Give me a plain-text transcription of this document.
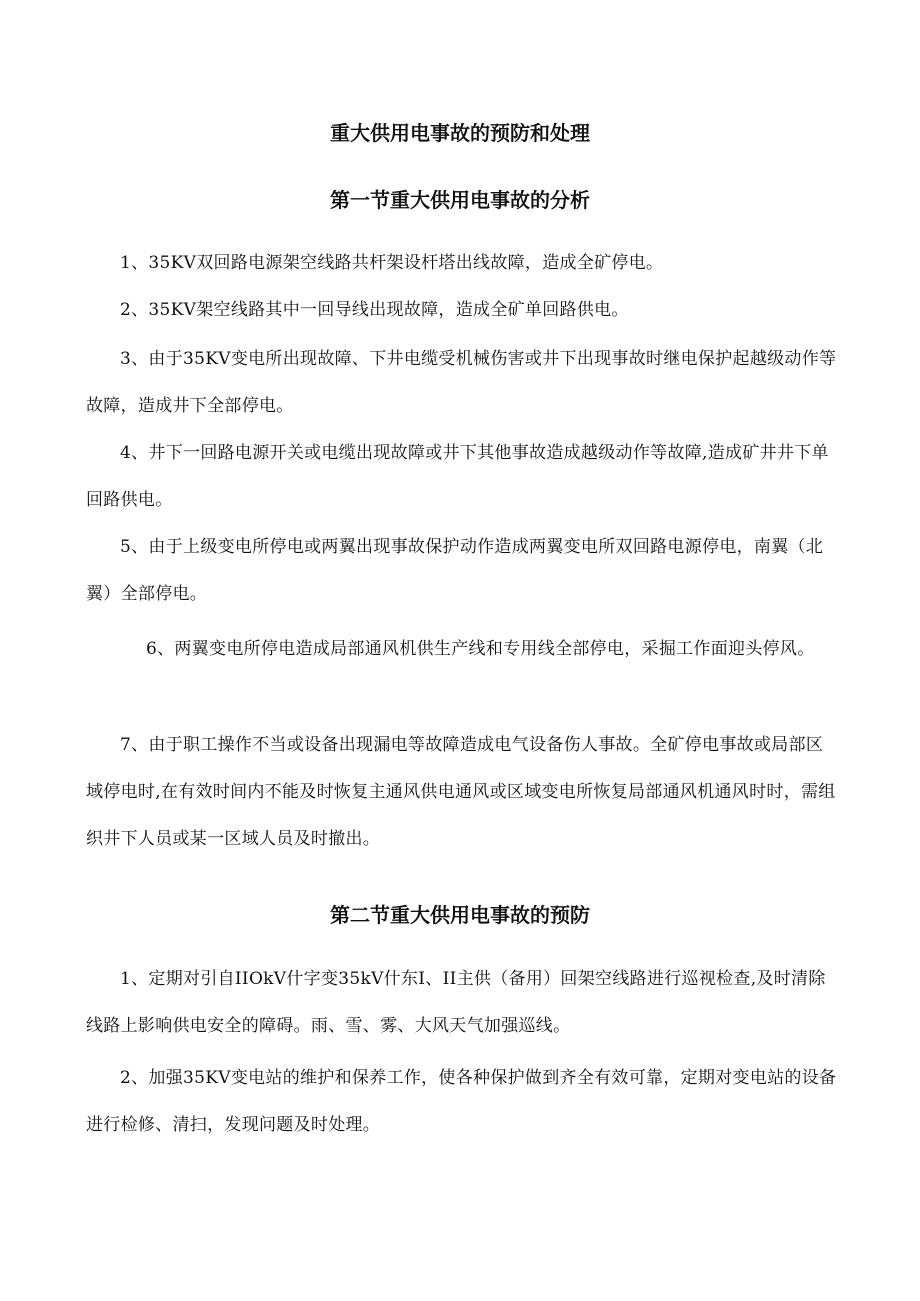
重大供用电事故的预防和处理
第一节重大供用电事故的分析

1、35KV双回路电源架空线路共杆架设杆塔出线故障，造成全矿停电。

2、35KV架空线路其中一回导线出现故障，造成全矿单回路供电。

3、由于35KV变电所出现故障、下井电缆受机械伤害或井下出现事故时继电保护起越级动作等故障，造成井下全部停电。

4、井下一回路电源开关或电缆出现故障或井下其他事故造成越级动作等故障,造成矿井井下单回路供电。

5、由于上级变电所停电或两翼出现事故保护动作造成两翼变电所双回路电源停电，南翼（北翼）全部停电。

6、两翼变电所停电造成局部通风机供生产线和专用线全部停电，采掘工作面迎头停风。

7、由于职工操作不当或设备出现漏电等故障造成电气设备伤人事故。全矿停电事故或局部区域停电时,在有效时间内不能及时恢复主通风供电通风或区域变电所恢复局部通风机通风时时，需组织井下人员或某一区域人员及时撤出。

第二节重大供用电事故的预防

1、定期对引自IIOkV什字变35kV什东I、II主供（备用）回架空线路进行巡视检查,及时清除线路上影响供电安全的障碍。雨、雪、雾、大风天气加强巡线。

2、加强35KV变电站的维护和保养工作，使各种保护做到齐全有效可靠，定期对变电站的设备进行检修、清扫，发现问题及时处理。
